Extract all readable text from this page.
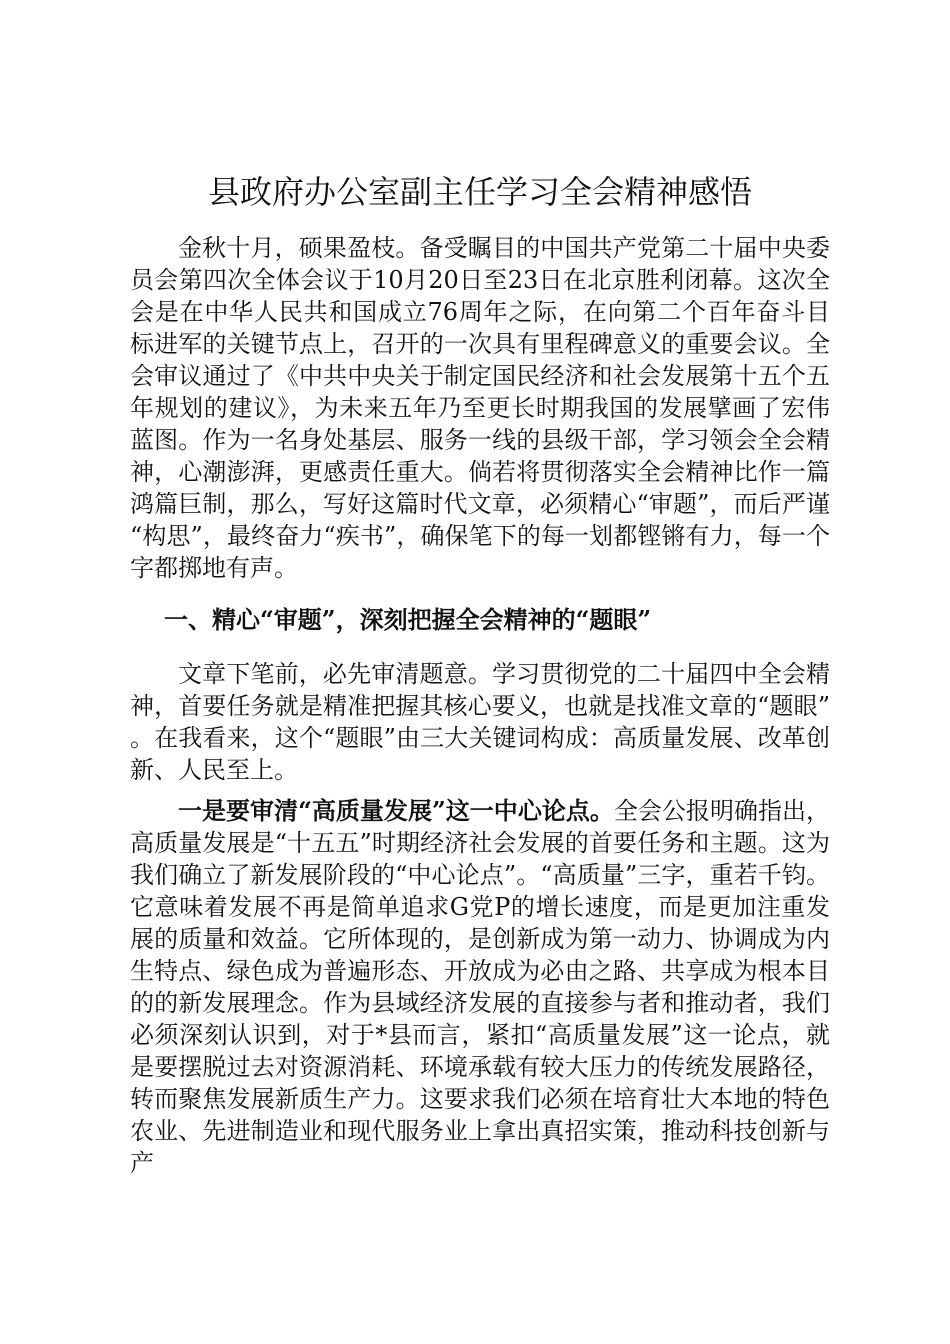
县政府办公室副主任学习全会精神感悟

金秋十月，硕果盈枝。备受瞩目的中国共产党第二十届中央委员会第四次全体会议于10月20日至23日在北京胜利闭幕。这次全会是在中华人民共和国成立76周年之际，在向第二个百年奋斗目标进军的关键节点上，召开的一次具有里程碑意义的重要会议。全会审议通过了《中共中央关于制定国民经济和社会发展第十五个五年规划的建议》，为未来五年乃至更长时期我国的发展擘画了宏伟蓝图。作为一名身处基层、服务一线的县级干部，学习领会全会精神，心潮澎湃，更感责任重大。倘若将贯彻落实全会精神比作一篇鸿篇巨制，那么，写好这篇时代文章，必须精心“审题”，而后严谨“构思”，最终奋力“疾书”，确保笔下的每一划都铿锵有力，每一个字都掷地有声。

一、精心“审题”，深刻把握全会精神的“题眼”

文章下笔前，必先审清题意。学习贯彻党的二十届四中全会精神，首要任务就是精准把握其核心要义，也就是找准文章的“题眼”。在我看来，这个“题眼”由三大关键词构成：高质量发展、改革创新、人民至上。

一是要审清“高质量发展”这一中心论点。全会公报明确指出，高质量发展是“十五五”时期经济社会发展的首要任务和主题。这为我们确立了新发展阶段的“中心论点”。“高质量”三字，重若千钧。它意味着发展不再是简单追求G党P的增长速度，而是更加注重发展的质量和效益。它所体现的，是创新成为第一动力、协调成为内生特点、绿色成为普遍形态、开放成为必由之路、共享成为根本目的的新发展理念。作为县域经济发展的直接参与者和推动者，我们必须深刻认识到，对于*县而言，紧扣“高质量发展”这一论点，就是要摆脱过去对资源消耗、环境承载有较大压力的传统发展路径，转而聚焦发展新质生产力。这要求我们必须在培育壮大本地的特色农业、先进制造业和现代服务业上拿出真招实策，推动科技创新与产
